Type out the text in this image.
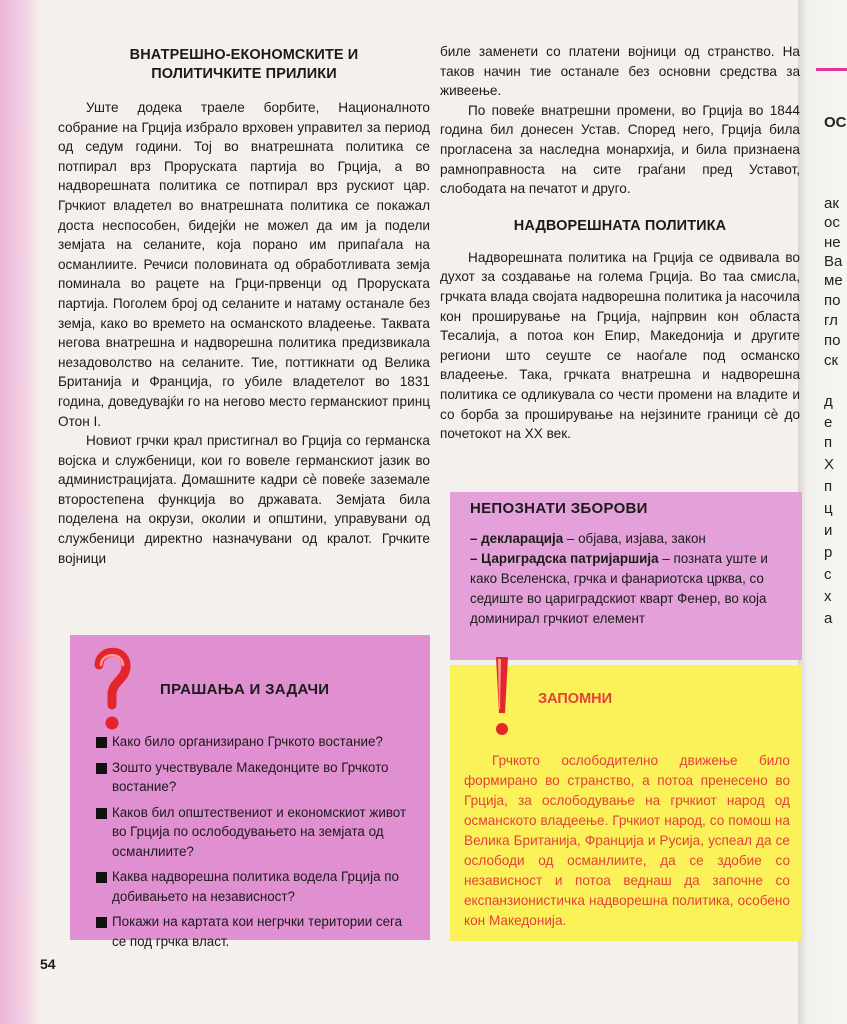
ОС
ак
ос
не
Ва
ме
по
гл
по
ск
д
е
п
Х
п
ц
и
р
с
х
а
ВНАТРЕШНО-ЕКОНОМСКИТЕ И
ПОЛИТИЧКИТЕ ПРИЛИКИ

Уште додека траеле борбите, Националното собрание на Грција избрало врховен управител за период од седум години. Тој во внатрешната политика се потпирал врз Проруската партија во Грција, а во надворешната политика се потпирал врз рускиот цар. Грчкиот владетел во внатрешната политика се покажал доста неспособен, бидејќи не можел да им ја подели земјата на селаните, која порано им припаѓала на османлиите. Речиси половината од обработливата земја поминала во рацете на Грци-првенци од Проруската партија. Поголем број од селаните и натаму останале без земја, како во времето на османското владеење. Таквата негова внатрешна и надворешна политика предизвикала незадоволство на селаните. Тие, поттикнати од Велика Британија и Франција, го убиле владетелот во 1831 година, доведувајќи го на негово место германскиот принц Отон I.

Новиот грчки крал пристигнал во Грција со германска војска и службеници, кои го вовеле германскиот јазик во администрацијата. Домашните кадри сѐ повеќе заземале второстепена функција во државата. Земјата била поделена на окрузи, околии и општини, управувани од службеници директно назначувани од кралот. Грчките војници

биле заменети со платени војници од странство. На таков начин тие останале без основни средства за живеење.

По повеќе внатрешни промени, во Грција во 1844 година бил донесен Устав. Според него, Грција била прогласена за наследна монархија, и била признаена рамноправноста на сите граѓани пред Уставот, слободата на печатот и друго.

НАДВОРЕШНАТА ПОЛИТИКА

Надворешната политика на Грција се одвивала во духот за создавање на голема Грција. Во таа смисла, грчката влада својата надворешна политика ја насочила кон проширување на Грција, најпрвин кон областа Тесалија, а потоа кон Епир, Македонија и другите региони што сеуште се наоѓале под османско владеење. Така, грчката внатрешна и надворешна политика се одликувала со чести промени на владите и со борба за проширување на нејзините граници сѐ до почетокот на XX век.

ПРАШАЊА И ЗАДАЧИ
Како било организирано Грчкото востание?
Зошто учествувале Македонците во Грчкото востание?
Каков бил општествениот и економскиот живот во Грција по ослободувањето на земјата од османлиите?
Каква надворешна политика водела Грција по добивањето на независност?
Покажи на картата кои негрчки територии сега се под грчка власт.
НЕПОЗНАТИ ЗБОРОВИ
– декларација – објава, изјава, закон
– Цариградска патријаршија – позната уште и како Вселенска, грчка и фанариотска црква, со седиште во цариградскиот кварт Фенер, во која доминирал грчкиот елемент
ЗАПОМНИ
Грчкото ослободително движење било формирано во странство, а потоа пренесено во Грција, за ослободување на грчкиот народ од османското владеење. Грчкиот народ, со помош на Велика Британија, Франција и Русија, успеал да се ослободи од османлиите, да се здобие со независност и потоа веднаш да започне со експанзионистичка надворешна политика, особено кон Македонија.
54
